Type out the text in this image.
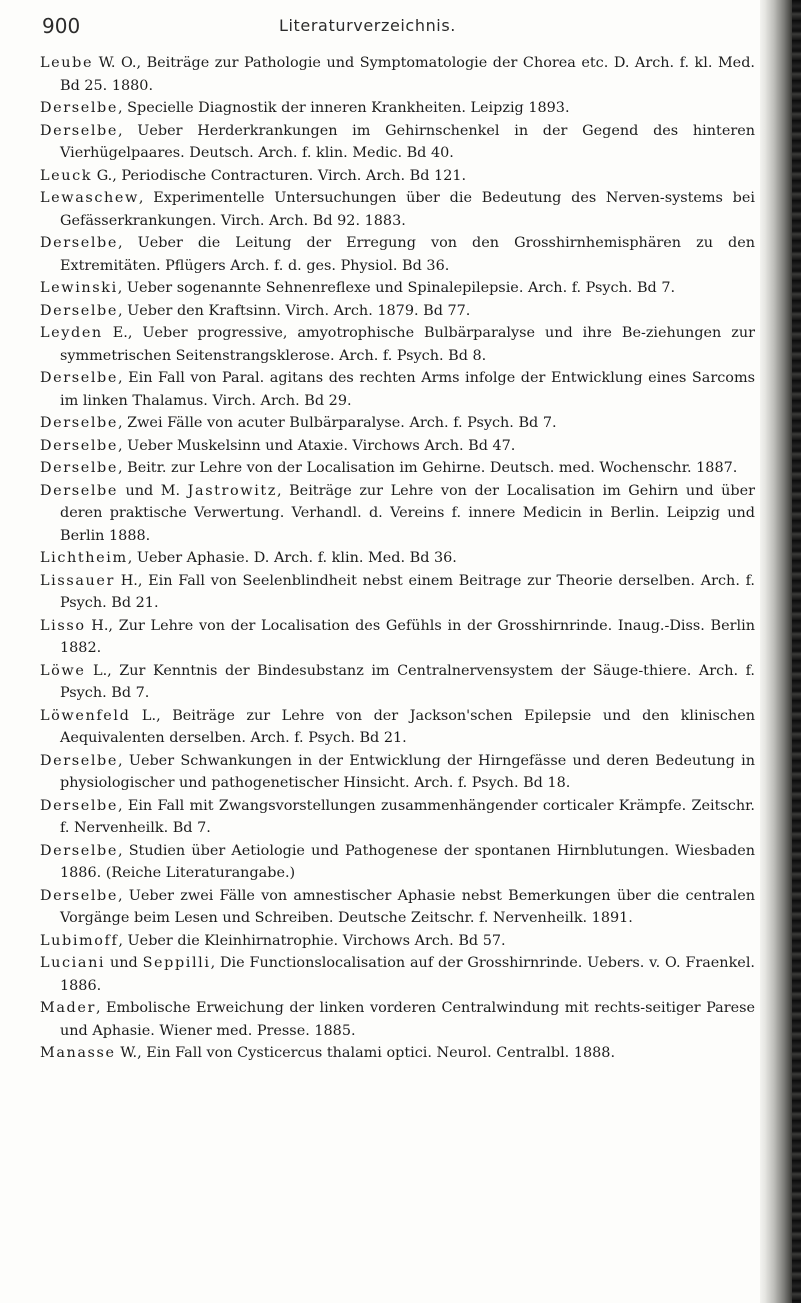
900	Literaturverzeichnis.
Leube W. O., Beiträge zur Pathologie und Symptomatologie der Chorea etc. D. Arch. f. kl. Med. Bd 25. 1880.
Derselbe, Specielle Diagnostik der inneren Krankheiten. Leipzig 1893.
Derselbe, Ueber Herderkrankungen im Gehirnschenkel in der Gegend des hinteren Vierhügelpaares. Deutsch. Arch. f. klin. Medic. Bd 40.
Leuck G., Periodische Contracturen. Virch. Arch. Bd 121.
Lewaschew, Experimentelle Untersuchungen über die Bedeutung des Nerven-systems bei Gefässerkrankungen. Virch. Arch. Bd 92. 1883.
Derselbe, Ueber die Leitung der Erregung von den Grosshirnhemisphären zu den Extremitäten. Pflügers Arch. f. d. ges. Physiol. Bd 36.
Lewinski, Ueber sogenannte Sehnenreflexe und Spinalepilepsie. Arch. f. Psych. Bd 7.
Derselbe, Ueber den Kraftsinn. Virch. Arch. 1879. Bd 77.
Leyden E., Ueber progressive, amyotrophische Bulbärparalyse und ihre Be-ziehungen zur symmetrischen Seitenstrangsklerose. Arch. f. Psych. Bd 8.
Derselbe, Ein Fall von Paral. agitans des rechten Arms infolge der Entwicklung eines Sarcoms im linken Thalamus. Virch. Arch. Bd 29.
Derselbe, Zwei Fälle von acuter Bulbärparalyse. Arch. f. Psych. Bd 7.
Derselbe, Ueber Muskelsinn und Ataxie. Virchows Arch. Bd 47.
Derselbe, Beitr. zur Lehre von der Localisation im Gehirne. Deutsch. med. Wochenschr. 1887.
Derselbe und M. Jastrowitz, Beiträge zur Lehre von der Localisation im Gehirn und über deren praktische Verwertung. Verhandl. d. Vereins f. innere Medicin in Berlin. Leipzig und Berlin 1888.
Lichtheim, Ueber Aphasie. D. Arch. f. klin. Med. Bd 36.
Lissauer H., Ein Fall von Seelenblindheit nebst einem Beitrage zur Theorie derselben. Arch. f. Psych. Bd 21.
Lisso H., Zur Lehre von der Localisation des Gefühls in der Grosshirnrinde. Inaug.-Diss. Berlin 1882.
Löwe L., Zur Kenntnis der Bindesubstanz im Centralnervensystem der Säuge-thiere. Arch. f. Psych. Bd 7.
Löwenfeld L., Beiträge zur Lehre von der Jackson'schen Epilepsie und den klinischen Aequivalenten derselben. Arch. f. Psych. Bd 21.
Derselbe, Ueber Schwankungen in der Entwicklung der Hirngefässe und deren Bedeutung in physiologischer und pathogenetischer Hinsicht. Arch. f. Psych. Bd 18.
Derselbe, Ein Fall mit Zwangsvorstellungen zusammenhängender corticaler Krämpfe. Zeitschr. f. Nervenheilk. Bd 7.
Derselbe, Studien über Aetiologie und Pathogenese der spontanen Hirnblutungen. Wiesbaden 1886. (Reiche Literaturangabe.)
Derselbe, Ueber zwei Fälle von amnestischer Aphasie nebst Bemerkungen über die centralen Vorgänge beim Lesen und Schreiben. Deutsche Zeitschr. f. Nervenheilk. 1891.
Lubimoff, Ueber die Kleinhirnatrophie. Virchows Arch. Bd 57.
Luciani und Seppilli, Die Functionslocalisation auf der Grosshirnrinde. Uebers. v. O. Fraenkel. 1886.
Mader, Embolische Erweichung der linken vorderen Centralwindung mit rechts-seitiger Parese und Aphasie. Wiener med. Presse. 1885.
Manasse W., Ein Fall von Cysticercus thalami optici. Neurol. Centralbl. 1888.
